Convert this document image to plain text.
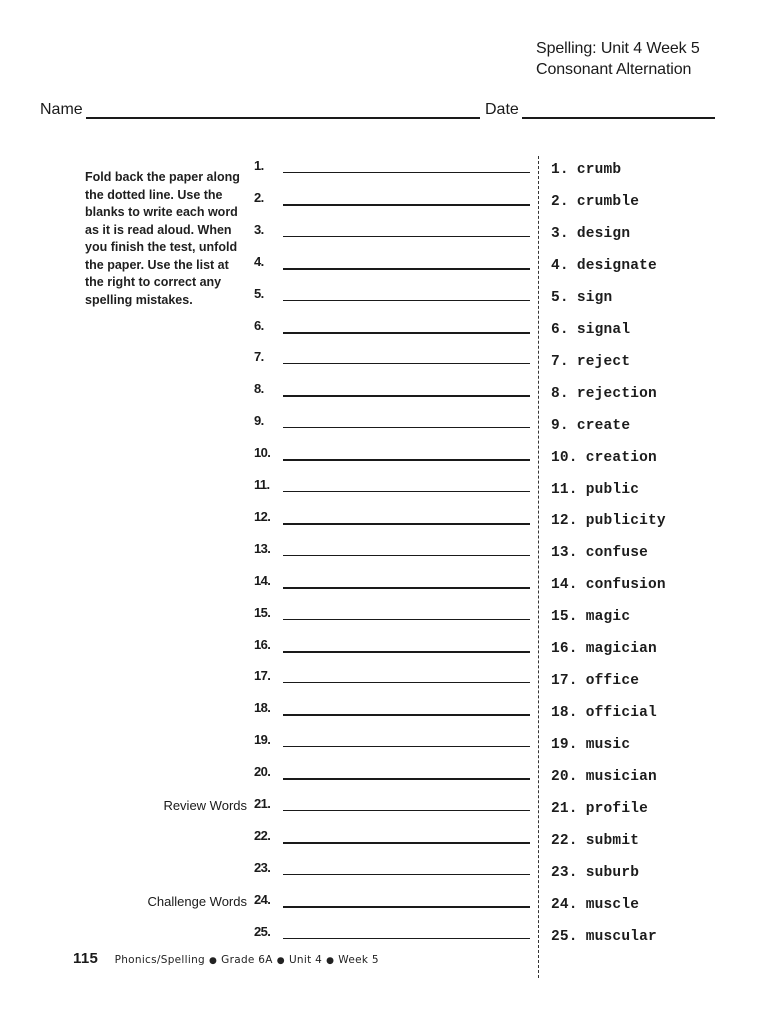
Spelling: Unit 4 Week 5
Consonant Alternation
Name	Date
Fold back the paper along the dotted line. Use the blanks to write each word as it is read aloud. When you finish the test, unfold the paper. Use the list at the right to correct any spelling mistakes.
Review Words
Challenge Words
1.
2.
3.
4.
5.
6.
7.
8.
9.
10.
11.
12.
13.
14.
15.
16.
17.
18.
19.
20.
21.
22.
23.
24.
25.
1. crumb
2. crumble
3. design
4. designate
5. sign
6. signal
7. reject
8. rejection
9. create
10. creation
11. public
12. publicity
13. confuse
14. confusion
15. magic
16. magician
17. office
18. official
19. music
20. musician
21. profile
22. submit
23. suburb
24. muscle
25. muscular
115 Phonics/Spelling ● Grade 6A ● Unit 4 ● Week 5
